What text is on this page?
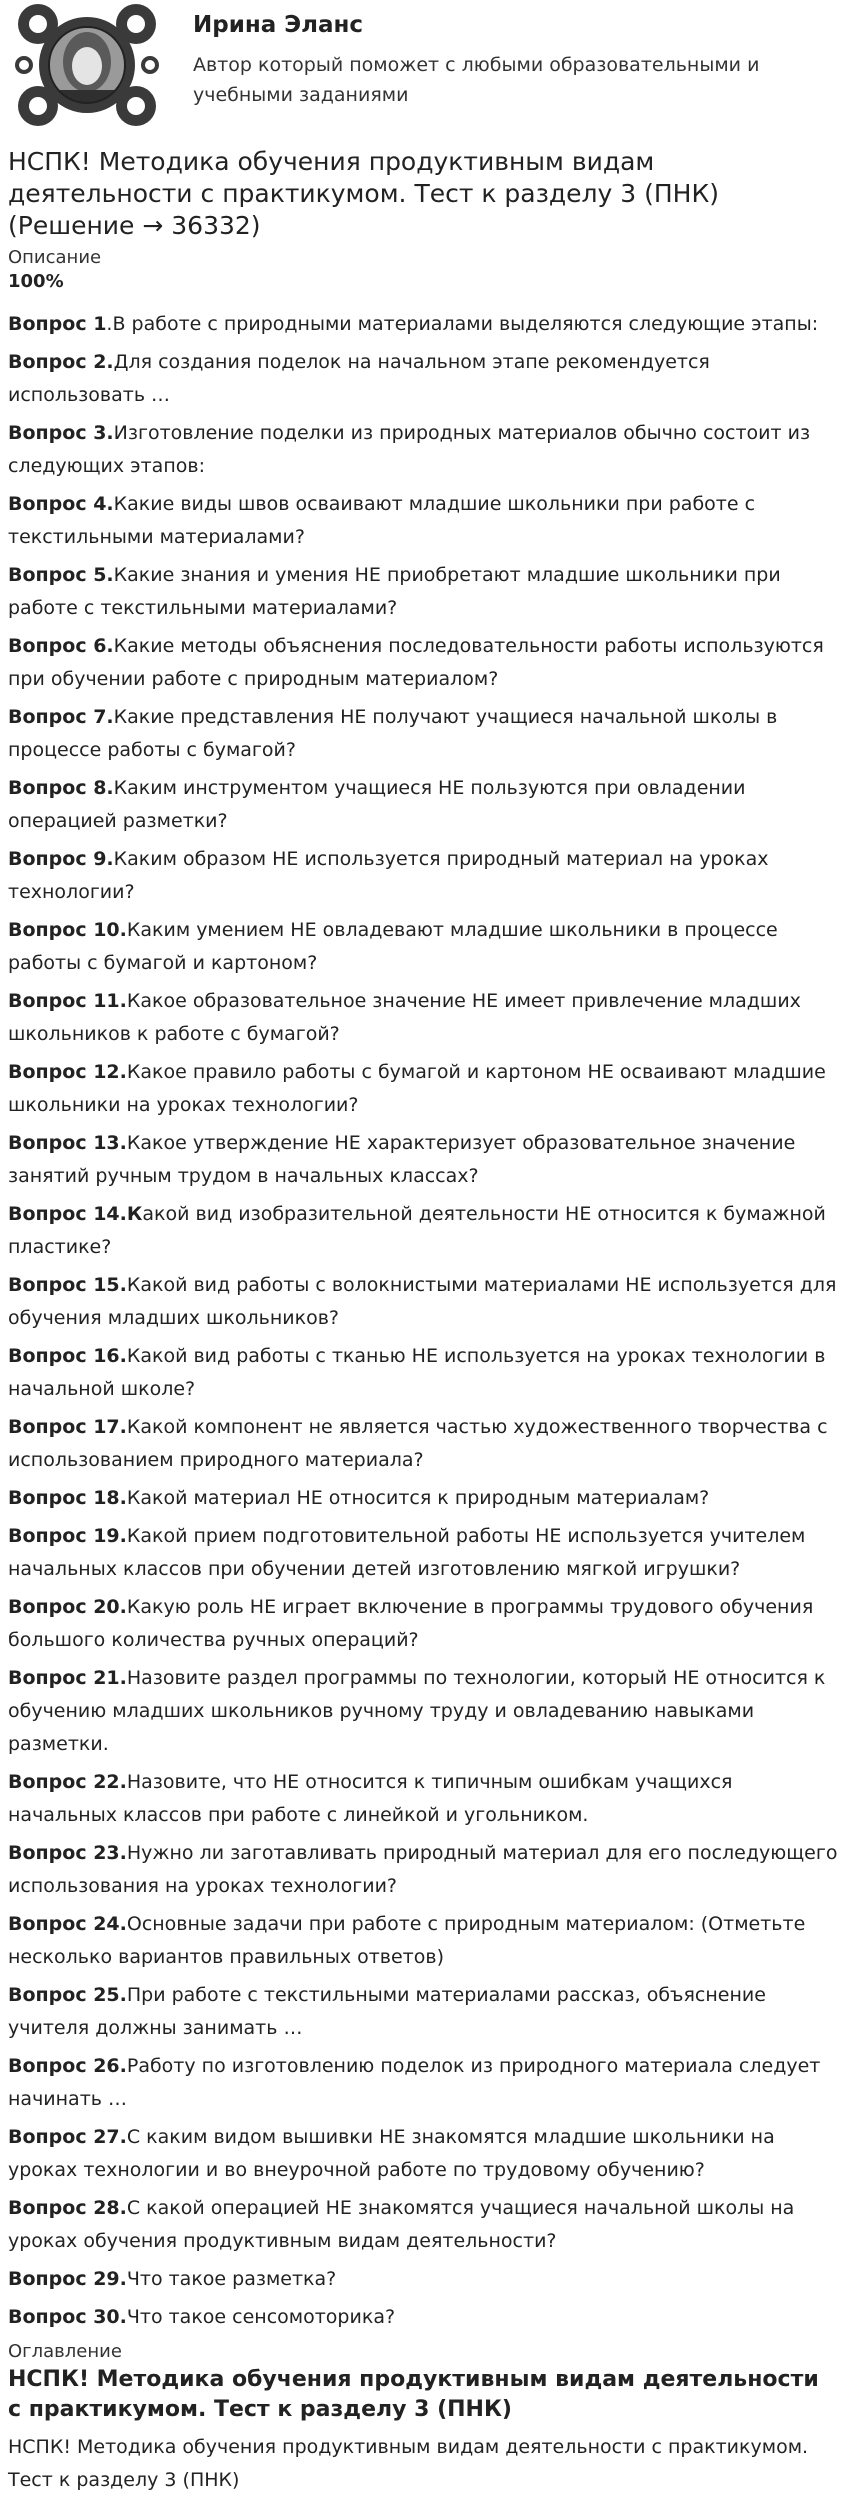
Ирина Эланс
Автор который поможет с любыми образовательными и учебными заданиями
НСПК! Методика обучения продуктивным видам деятельности с практикумом. Тест к разделу 3 (ПНК) (Решение → 36332)
Описание
100%

Вопрос 1.В работе с природными материалами выделяются следующие этапы:

Вопрос 2.Для создания поделок на начальном этапе рекомендуется использовать …

Вопрос 3.Изготовление поделки из природных материалов обычно состоит из следующих этапов:

Вопрос 4.Какие виды швов осваивают младшие школьники при работе с текстильными материалами?

Вопрос 5.Какие знания и умения НЕ приобретают младшие школьники при работе с текстильными материалами?

Вопрос 6.Какие методы объяснения последовательности работы используются при обучении работе с природным материалом?

Вопрос 7.Какие представления НЕ получают учащиеся начальной школы в процессе работы с бумагой?

Вопрос 8.Каким инструментом учащиеся НЕ пользуются при овладении операцией разметки?

Вопрос 9.Каким образом НЕ используется природный материал на уроках технологии?

Вопрос 10.Каким умением НЕ овладевают младшие школьники в процессе работы с бумагой и картоном?

Вопрос 11.Какое образовательное значение НЕ имеет привлечение младших школьников к работе с бумагой?

Вопрос 12.Какое правило работы с бумагой и картоном НЕ осваивают младшие школьники на уроках технологии?

Вопрос 13.Какое утверждение НЕ характеризует образовательное значение занятий ручным трудом в начальных классах?

Вопрос 14.Какой вид изобразительной деятельности НЕ относится к бумажной пластике?

Вопрос 15.Какой вид работы с волокнистыми материалами НЕ используется для обучения младших школьников?

Вопрос 16.Какой вид работы с тканью НЕ используется на уроках технологии в начальной школе?

Вопрос 17.Какой компонент не является частью художественного творчества с использованием природного материала?

Вопрос 18.Какой материал НЕ относится к природным материалам?

Вопрос 19.Какой прием подготовительной работы НЕ используется учителем начальных классов при обучении детей изготовлению мягкой игрушки?

Вопрос 20.Какую роль НЕ играет включение в программы трудового обучения большого количества ручных операций?

Вопрос 21.Назовите раздел программы по технологии, который НЕ относится к обучению младших школьников ручному труду и овладеванию навыками разметки.

Вопрос 22.Назовите, что НЕ относится к типичным ошибкам учащихся начальных классов при работе с линейкой и угольником.

Вопрос 23.Нужно ли заготавливать природный материал для его последующего использования на уроках технологии?

Вопрос 24.Основные задачи при работе с природным материалом: (Отметьте несколько вариантов правильных ответов)

Вопрос 25.При работе с текстильными материалами рассказ, объяснение учителя должны занимать …

Вопрос 26.Работу по изготовлению поделок из природного материала следует начинать …

Вопрос 27.С каким видом вышивки НЕ знакомятся младшие школьники на уроках технологии и во внеурочной работе по трудовому обучению?

Вопрос 28.С какой операцией НЕ знакомятся учащиеся начальной школы на уроках обучения продуктивным видам деятельности?

Вопрос 29.Что такое разметка?

Вопрос 30.Что такое сенсомоторика?

Оглавление
НСПК! Методика обучения продуктивным видам деятельности с практикумом. Тест к разделу 3 (ПНК)
НСПК! Методика обучения продуктивным видам деятельности с практикумом. Тест к разделу 3 (ПНК)
